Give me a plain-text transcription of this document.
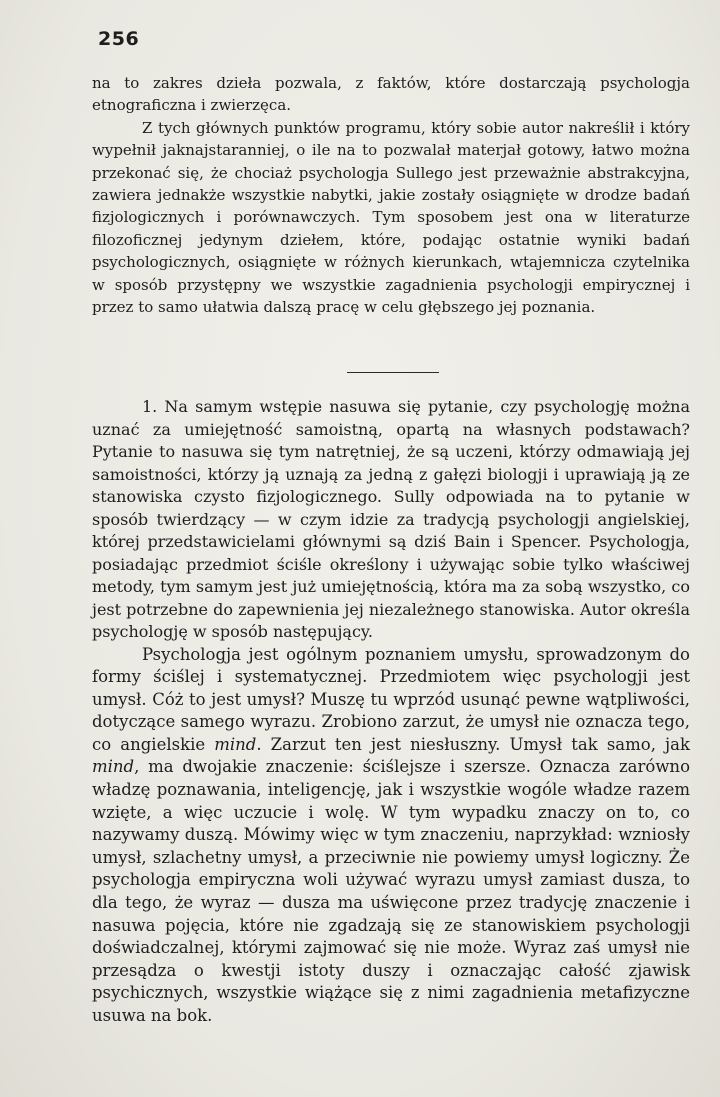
256

na to zakres dzieła pozwala, z faktów, które dostarczają psychologja etnograficzna i zwierzęca.

Z tych głównych punktów programu, który sobie autor nakreślił i który wypełnił jaknajstaranniej, o ile na to pozwalał materjał gotowy, łatwo można przekonać się, że chociaż psychologja Sullego jest przeważnie abstrakcyjna, zawiera jednakże wszystkie nabytki, jakie zostały osiągnięte w drodze badań fizjologicznych i porównawczych. Tym sposobem jest ona w literaturze filozoficznej jedynym dziełem, które, podając ostatnie wyniki badań psychologicznych, osiągnięte w różnych kierunkach, wtajemnicza czytelnika w sposób przystępny we wszystkie zagadnienia psychologji empirycznej i przez to samo ułatwia dalszą pracę w celu głębszego jej poznania.

1. Na samym wstępie nasuwa się pytanie, czy psychologję można uznać za umiejętność samoistną, opartą na własnych podstawach? Pytanie to nasuwa się tym natrętniej, że są uczeni, którzy odmawiają jej samoistności, którzy ją uznają za jedną z gałęzi biologji i uprawiają ją ze stanowiska czysto fizjologicznego. Sully odpowiada na to pytanie w sposób twierdzący — w czym idzie za tradycją psychologji angielskiej, której przedstawicielami głównymi są dziś Bain i Spencer. Psychologja, posiadając przedmiot ściśle określony i używając sobie tylko właściwej metody, tym samym jest już umiejętnością, która ma za sobą wszystko, co jest potrzebne do zapewnienia jej niezależnego stanowiska. Autor określa psychologję w sposób następujący.

Psychologja jest ogólnym poznaniem umysłu, sprowadzonym do formy ściślej i systematycznej. Przedmiotem więc psychologji jest umysł. Cóż to jest umysł? Muszę tu wprzód usunąć pewne wątpliwości, dotyczące samego wyrazu. Zrobiono zarzut, że umysł nie oznacza tego, co angielskie mind. Zarzut ten jest niesłuszny. Umysł tak samo, jak mind, ma dwojakie znaczenie: ściślejsze i szersze. Oznacza zarówno władzę poznawania, inteligencję, jak i wszystkie wogóle władze razem wzięte, a więc uczucie i wolę. W tym wypadku znaczy on to, co nazywamy duszą. Mówimy więc w tym znaczeniu, naprzykład: wzniosły umysł, szlachetny umysł, a przeciwnie nie powiemy umysł logiczny. Że psychologja empiryczna woli używać wyrazu umysł zamiast dusza, to dla tego, że wyraz — dusza ma uświęcone przez tradycję znaczenie i nasuwa pojęcia, które nie zgadzają się ze stanowiskiem psychologji doświadczalnej, którymi zajmować się nie może. Wyraz zaś umysł nie przesądza o kwestji istoty duszy i oznaczając całość zjawisk psychicznych, wszystkie wiążące się z nimi zagadnienia metafizyczne usuwa na bok.
